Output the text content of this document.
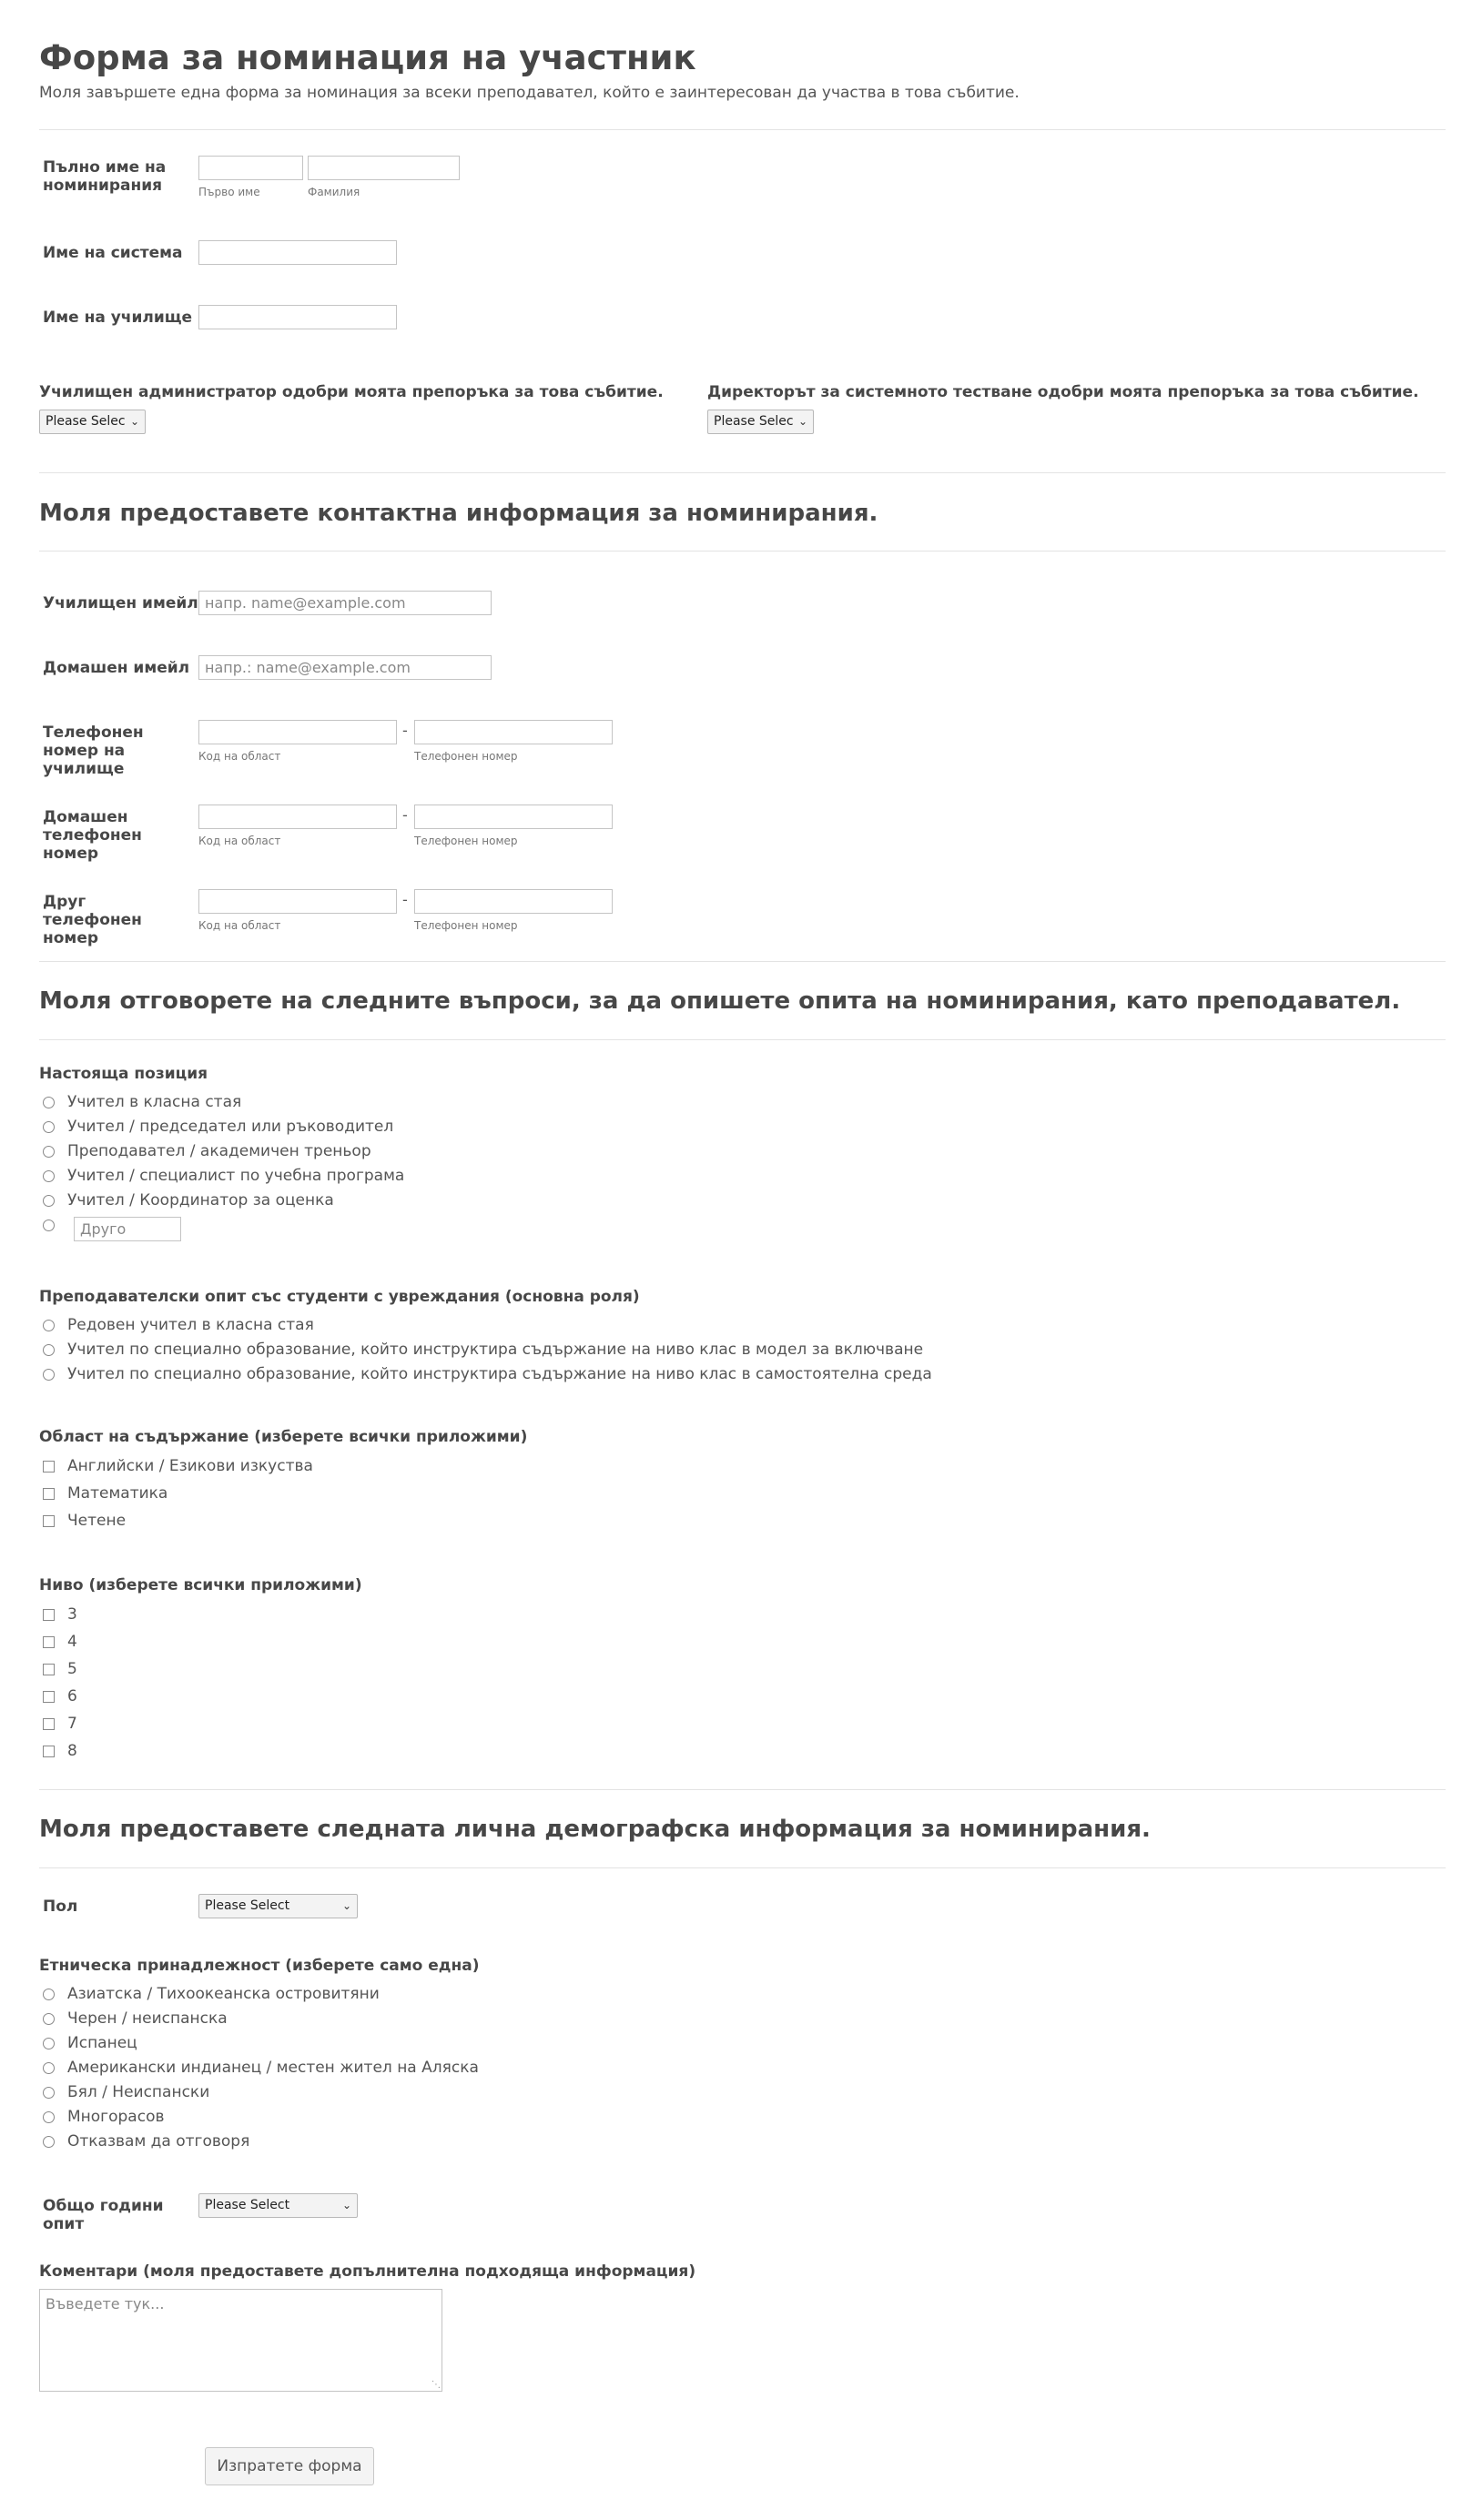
Форма за номинация на участник
Моля завършете една форма за номинация за всеки преподавател, който е заинтересован да участва в това събитие.
Пълно име на номинирания	Първо име	Фамилия
Име на система
Име на училище
Училищен администратор одобри моята препоръка за това събитие.
Please Selec ⌄
Директорът за системното тестване одобри моята препоръка за това събитие.
Please Selec ⌄
Моля предоставете контактна информация за номинирания.
Училищен имейл
напр. name@example.com
Домашен имейл
напр.: name@example.com
Телефонен номер на училище
-
Код на област	Телефонен номер
Домашен телефонен номер
-
Код на област	Телефонен номер
Друг телефонен номер
-
Код на област	Телефонен номер
Моля отговорете на следните въпроси, за да опишете опита на номинирания, като преподавател.
Настояща позиция
Учител в класна стая
Учител / председател или ръководител
Преподавател / академичен треньор
Учител / специалист по учебна програма
Учител / Координатор за оценка
Друго
Преподавателски опит със студенти с увреждания (основна роля)
Редовен учител в класна стая
Учител по специално образование, който инструктира съдържание на ниво клас в модел за включване
Учител по специално образование, който инструктира съдържание на ниво клас в самостоятелна среда
Област на съдържание (изберете всички приложими)
Английски / Езикови изкуства
Математика
Четене
Ниво (изберете всички приложими)
3
4
5
6
7
8
Моля предоставете следната лична демографска информация за номинирания.
Пол	Please Select	⌄
Етническа принадлежност (изберете само една)
Азиатска / Тихоокеанска островитяни
Черен / неиспанска
Испанец
Американски индианец / местен жител на Аляска
Бял / Неиспански
Многорасов
Отказвам да отговоря
Общо години опит
Please Select	⌄
Коментари (моля предоставете допълнителна подходяща информация)
Въведете тук...
⋱
Изпратете форма
